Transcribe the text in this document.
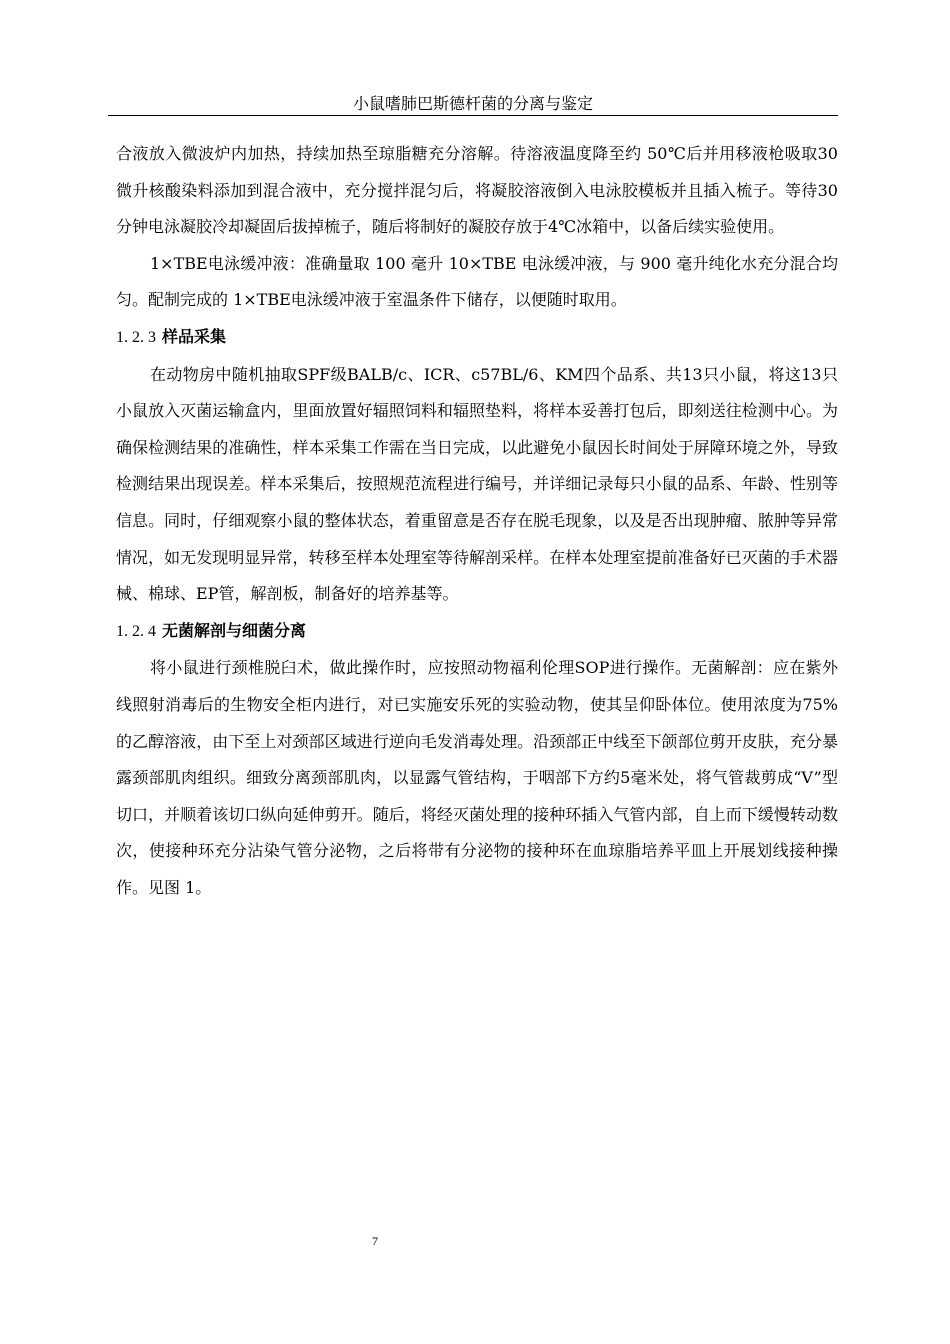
小鼠嗜肺巴斯德杆菌的分离与鉴定

合液放入微波炉内加热，持续加热至琼脂糖充分溶解。待溶液温度降至约 50℃后并用移液枪吸取30 微升核酸染料添加到混合液中，充分搅拌混匀后，将凝胶溶液倒入电泳胶模板并且插入梳子。等待30分钟电泳凝胶冷却凝固后拔掉梳子，随后将制好的凝胶存放于4℃冰箱中，以备后续实验使用。

1×TBE电泳缓冲液：准确量取 100 毫升 10×TBE 电泳缓冲液，与 900 毫升纯化水充分混合均匀。配制完成的 1×TBE电泳缓冲液于室温条件下储存，以便随时取用。

1. 2. 3 样品采集

在动物房中随机抽取SPF级BALB/c、ICR、c57BL/6、KM四个品系、共13只小鼠，将这13只小鼠放入灭菌运输盒内，里面放置好辐照饲料和辐照垫料，将样本妥善打包后，即刻送往检测中心。为确保检测结果的准确性，样本采集工作需在当日完成，以此避免小鼠因长时间处于屏障环境之外，导致检测结果出现误差。样本采集后，按照规范流程进行编号，并详细记录每只小鼠的品系、年龄、性别等信息。同时，仔细观察小鼠的整体状态，着重留意是否存在脱毛现象，以及是否出现肿瘤、脓肿等异常情况，如无发现明显异常，转移至样本处理室等待解剖采样。在样本处理室提前准备好已灭菌的手术器械、棉球、EP管，解剖板，制备好的培养基等。

1. 2. 4 无菌解剖与细菌分离

将小鼠进行颈椎脱臼术，做此操作时，应按照动物福利伦理SOP进行操作。无菌解剖：应在紫外线照射消毒后的生物安全柜内进行，对已实施安乐死的实验动物，使其呈仰卧体位。使用浓度为75%的乙醇溶液，由下至上对颈部区域进行逆向毛发消毒处理。沿颈部正中线至下颌部位剪开皮肤，充分暴露颈部肌肉组织。细致分离颈部肌肉，以显露气管结构，于咽部下方约5毫米处，将气管裁剪成“V”型切口，并顺着该切口纵向延伸剪开。随后，将经灭菌处理的接种环插入气管内部，自上而下缓慢转动数次，使接种环充分沾染气管分泌物，之后将带有分泌物的接种环在血琼脂培养平皿上开展划线接种操作。见图 1。

7
